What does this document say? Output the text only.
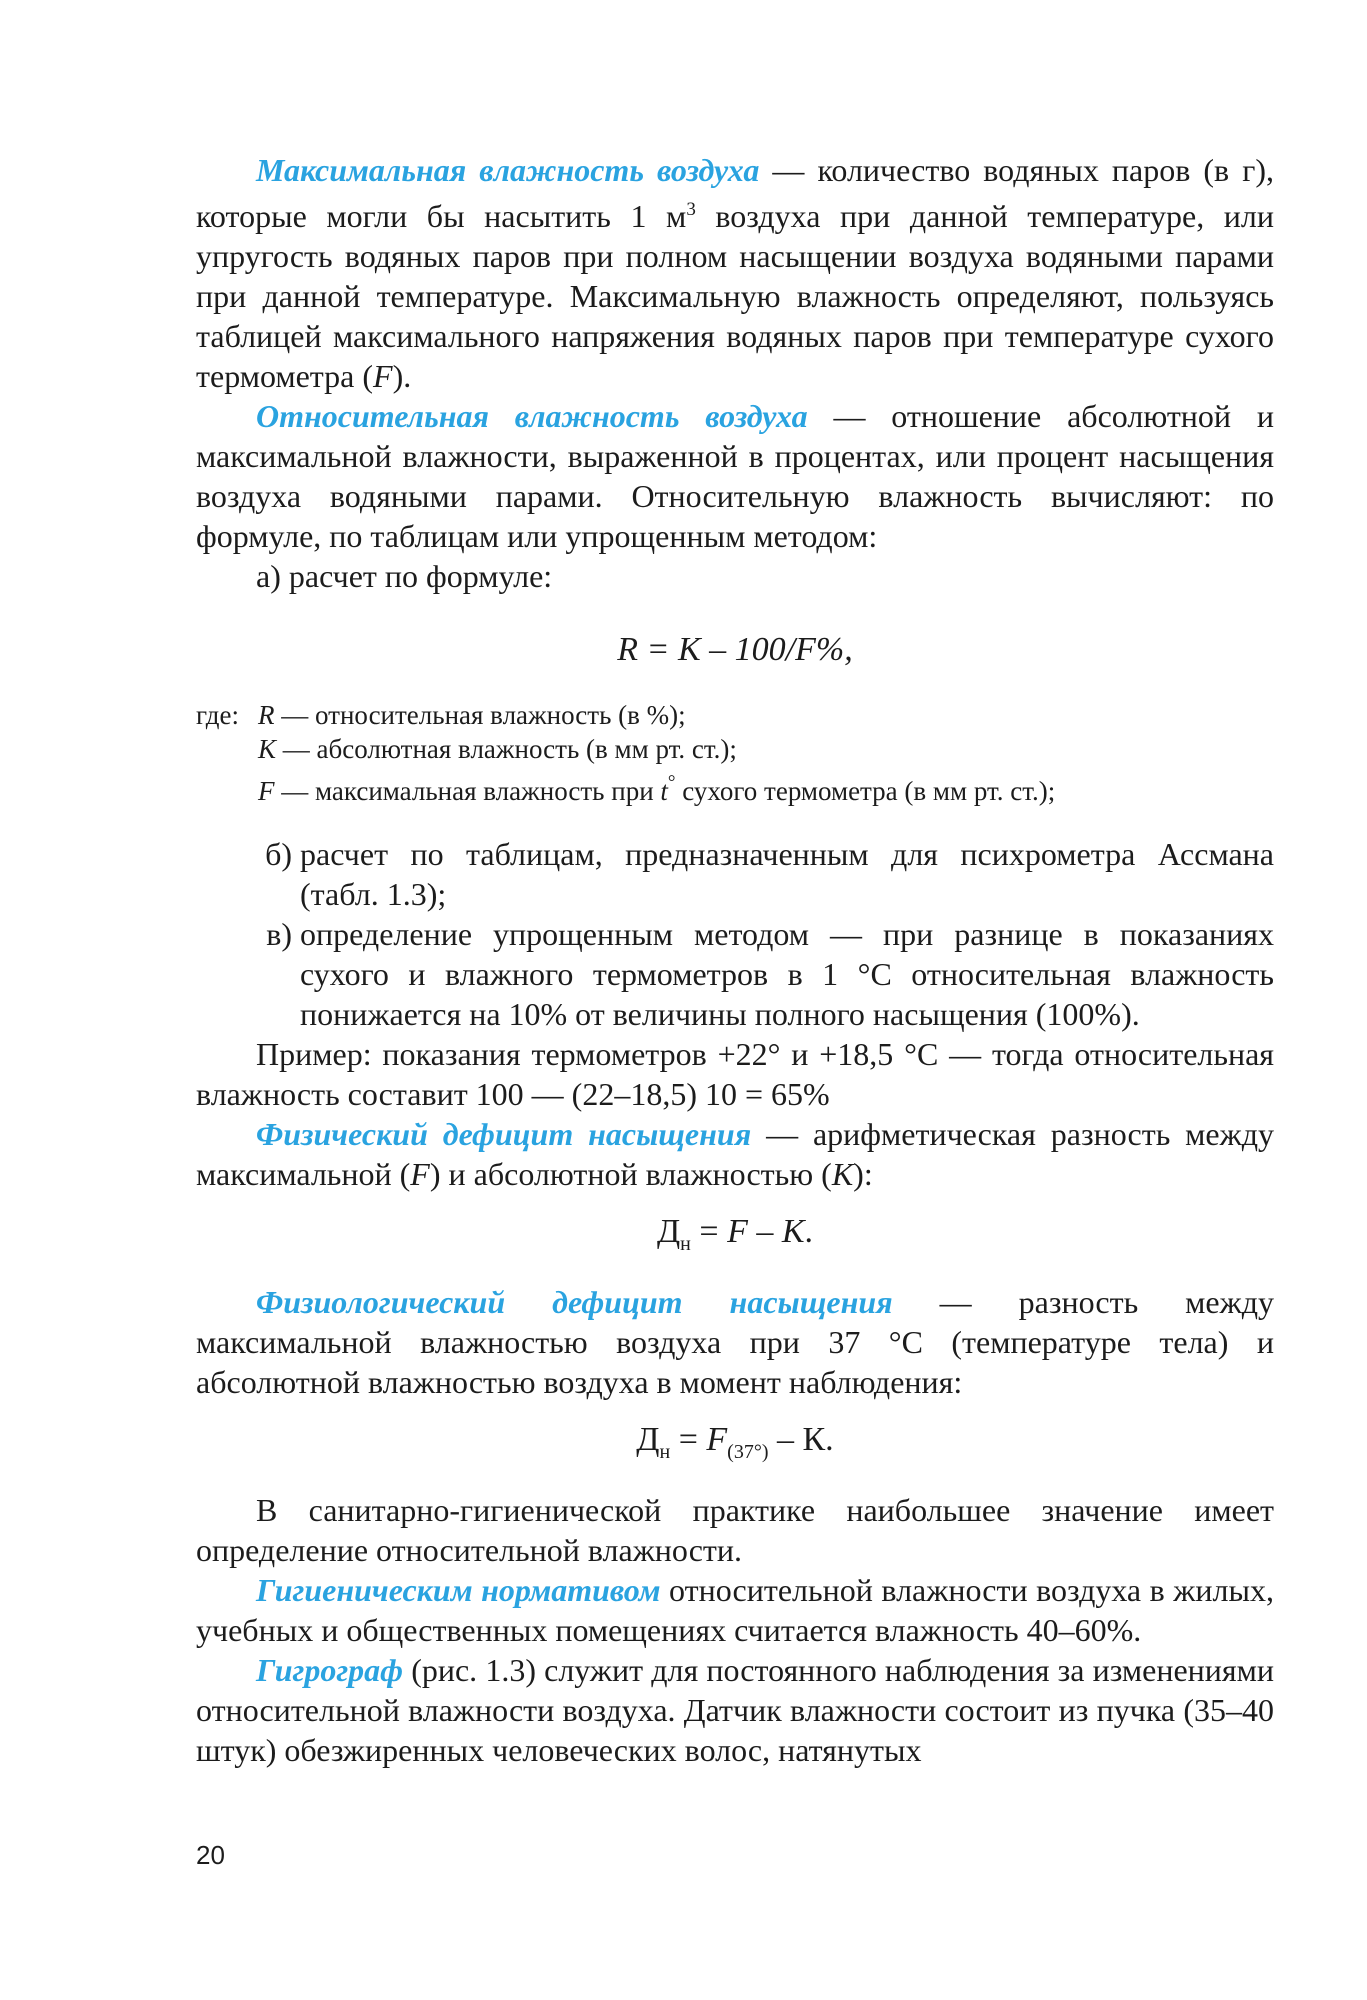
Максимальная влажность воздуха — количество водяных паров (в г), которые могли бы насытить 1 $м^3$ воздуха при данной температуре, или упругость водяных паров при полном насыщении воздуха водяными парами при данной температуре. Максимальную влажность определяют, пользуясь таблицей максимального напряжения водяных паров при температуре сухого термометра (F).

Относительная влажность воздуха — отношение абсолютной и максимальной влажности, выраженной в процентах, или процент насыщения воздуха водяными парами. Относительную влажность вычисляют: по формуле, по таблицам или упрощенным методом:

а) расчет по формуле:

R = K – 100/F%,

где: R — относительная влажность (в %);
K — абсолютная влажность (в мм рт. ст.);
F — максимальная влажность при t° сухого термометра (в мм рт. ст.);
б) расчет по таблицам, предназначенным для психрометра Ассмана (табл. 1.3);
в) определение упрощенным методом — при разнице в показаниях сухого и влажного термометров в 1 °С относительная влажность понижается на 10% от величины полного насыщения (100%).

Пример: показания термометров +22° и +18,5 °С — тогда относительная влажность составит 100 — (22–18,5) 10 = 65%

Физический дефицит насыщения — арифметическая разность между максимальной (F) и абсолютной влажностью (K):

$Д_н = F - K$.

Физиологический дефицит насыщения — разность между максимальной влажностью воздуха при 37 °С (температуре тела) и абсолютной влажностью воздуха в момент наблюдения:

$Д_н = F_{(37^\circ)} - К$.

В санитарно-гигиенической практике наибольшее значение имеет определение относительной влажности.

Гигиеническим нормативом относительной влажности воздуха в жилых, учебных и общественных помещениях считается влажность 40–60%.

Гигрограф (рис. 1.3) служит для постоянного наблюдения за изменениями относительной влажности воздуха. Датчик влажности состоит из пучка (35–40 штук) обезжиренных человеческих волос, натянутых

20
